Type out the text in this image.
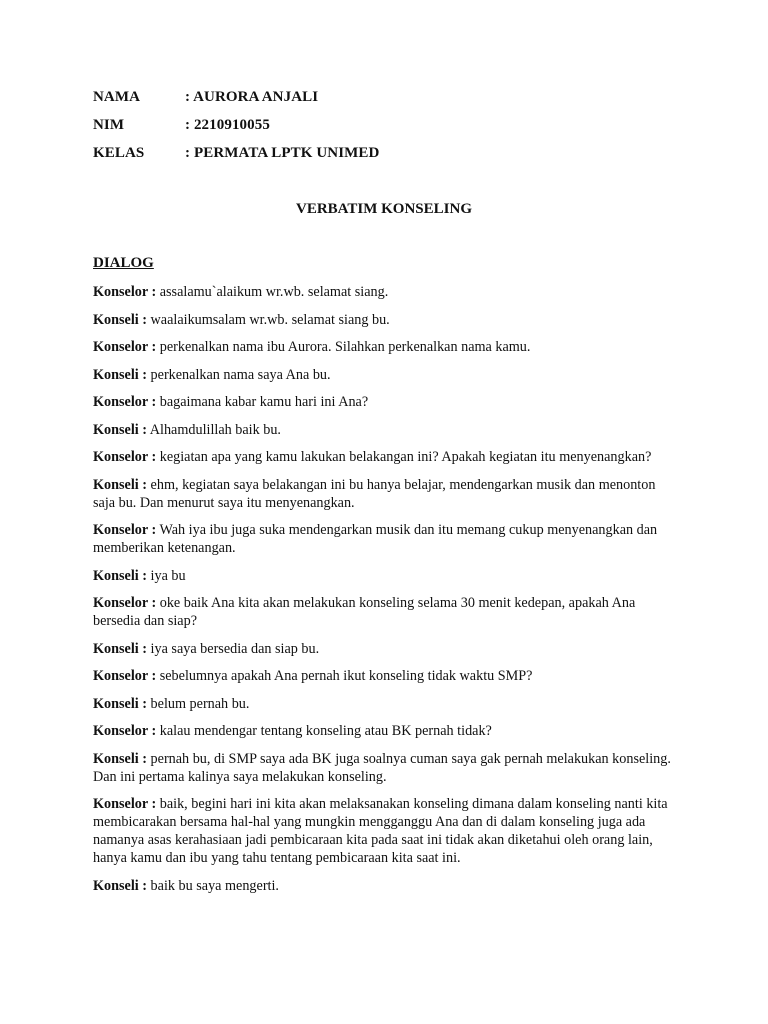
NAMA	: AURORA ANJALI
NIM	: 2210910055
KELAS	: PERMATA LPTK UNIMED
VERBATIM KONSELING
DIALOG

Konselor : assalamu`alaikum wr.wb. selamat siang.

Konseli : waalaikumsalam wr.wb. selamat siang bu.

Konselor : perkenalkan nama ibu Aurora. Silahkan perkenalkan nama kamu.

Konseli : perkenalkan nama saya Ana bu.

Konselor : bagaimana kabar kamu hari ini Ana?

Konseli : Alhamdulillah baik bu.

Konselor : kegiatan apa yang kamu lakukan belakangan ini? Apakah kegiatan itu menyenangkan?

Konseli : ehm, kegiatan saya belakangan ini bu hanya belajar, mendengarkan musik dan menonton saja bu. Dan menurut saya itu menyenangkan.

Konselor : Wah iya ibu juga suka mendengarkan musik dan itu memang cukup menyenangkan dan memberikan ketenangan.

Konseli : iya bu

Konselor : oke baik Ana kita akan melakukan konseling selama 30 menit kedepan, apakah Ana bersedia dan siap?

Konseli : iya saya bersedia dan siap bu.

Konselor : sebelumnya apakah Ana pernah ikut konseling tidak waktu SMP?

Konseli : belum pernah bu.

Konselor : kalau mendengar tentang konseling atau BK pernah tidak?

Konseli : pernah bu, di SMP saya ada BK juga soalnya cuman saya gak pernah melakukan konseling. Dan ini pertama kalinya saya melakukan konseling.

Konselor : baik, begini hari ini kita akan melaksanakan konseling dimana dalam konseling nanti kita membicarakan bersama hal-hal yang mungkin mengganggu Ana dan di dalam konseling juga ada namanya asas kerahasiaan jadi pembicaraan kita pada saat ini tidak akan diketahui oleh orang lain, hanya kamu dan ibu yang tahu tentang pembicaraan kita saat ini.

Konseli : baik bu saya mengerti.
